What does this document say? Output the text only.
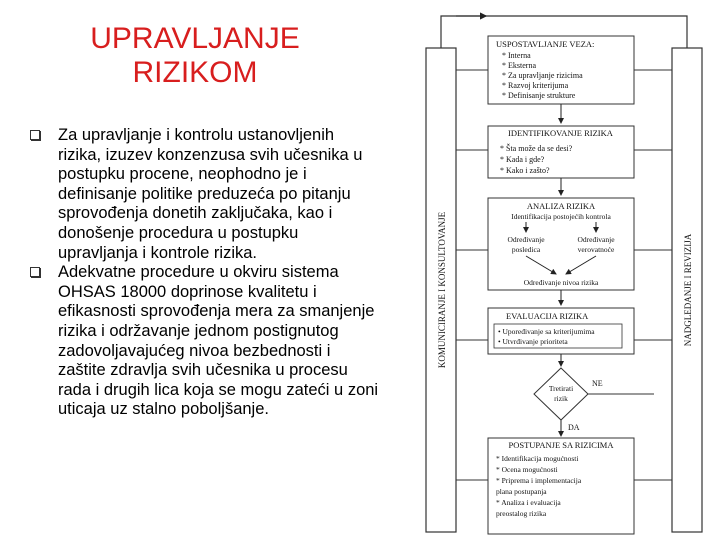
UPRAVLJANJE
RIZIKOM
Za upravljanje i kontrolu ustanovljenih rizika, izuzev konzenzusa svih učesnika u postupku procene, neophodno je i definisanje politike preduzeća po pitanju sprovođenja donetih zaključaka, kao i donošenje procedura u postupku upravljanja i kontrole rizika.
Adekvatne procedure u okviru sistema OHSAS 18000 doprinose kvalitetu i efikasnosti sprovođenja mera za smanjenje rizika i održavanje jednom postignutog zadovoljavajućeg nivoa bezbednosti i zaštite zdravlja svih učesnika u procesu rada i drugih lica koja se mogu zateći u zoni uticaja uz stalno poboljšanje.
KOMUNICIRANJE I KONSULTOVANJE	NADGLEDANJE I REVIZIJA
USPOSTAVLJANJE VEZA:
* Interna
* Eksterna
* Za upravljanje rizicima
* Razvoj kriterijuma
* Definisanje strukture
IDENTIFIKOVANJE RIZIKA
* Šta može da se desi?
* Kada i gde?
* Kako i zašto?
ANALIZA RIZIKA
Identifikacija postojećih kontrola
Određivanje
posledica
Određivanje
verovatnoće
Određivanje nivoa rizika
EVALUACIJA RIZIKA
• Upoređivanje sa kriterijumima
• Utvrđivanje prioriteta
Tretirati
rizik
NE
DA
POSTUPANJE SA RIZICIMA
* Identifikacija mogućnosti
* Ocena mogućnosti
* Priprema i implementacija
plana postupanja
* Analiza i evaluacija
preostalog rizika
